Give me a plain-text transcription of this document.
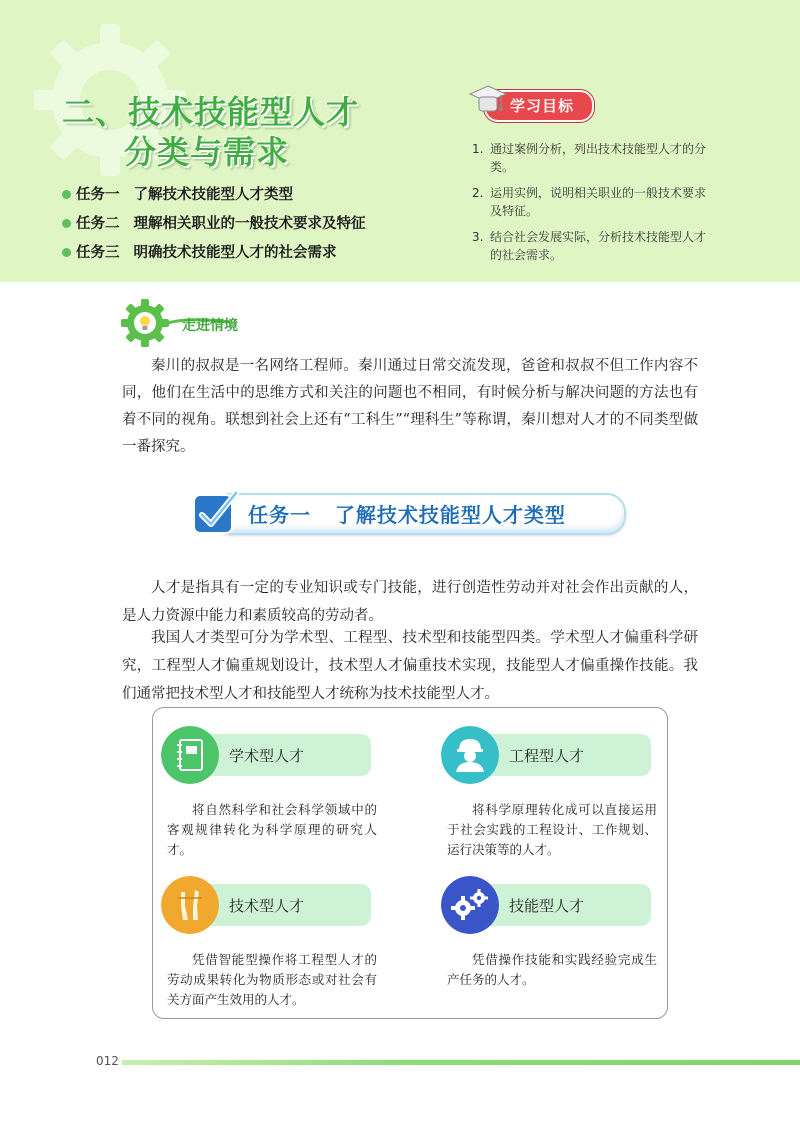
二、技术技能型人才
分类与需求
任务一 了解技术技能型人才类型
任务二 理解相关职业的一般技术要求及特征
任务三 明确技术技能型人才的社会需求
学习目标
1. 通过案例分析，列出技术技能型人才的分类。
2. 运用实例，说明相关职业的一般技术要求及特征。
3. 结合社会发展实际，分析技术技能型人才的社会需求。
走进情境

秦川的叔叔是一名网络工程师。秦川通过日常交流发现，爸爸和叔叔不但工作内容不同，他们在生活中的思维方式和关注的问题也不相同，有时候分析与解决问题的方法也有着不同的视角。联想到社会上还有“工科生”“理科生”等称谓，秦川想对人才的不同类型做一番探究。

任务一   了解技术技能型人才类型

人才是指具有一定的专业知识或专门技能，进行创造性劳动并对社会作出贡献的人，是人力资源中能力和素质较高的劳动者。

我国人才类型可分为学术型、工程型、技术型和技能型四类。学术型人才偏重科学研究，工程型人才偏重规划设计，技术型人才偏重技术实现，技能型人才偏重操作技能。我们通常把技术型人才和技能型人才统称为技术技能型人才。

学术型人才

将自然科学和社会科学领域中的客观规律转化为科学原理的研究人才。

工程型人才

将科学原理转化成可以直接运用于社会实践的工程设计、工作规划、运行决策等的人才。

技术型人才

凭借智能型操作将工程型人才的劳动成果转化为物质形态或对社会有关方面产生效用的人才。

技能型人才

凭借操作技能和实践经验完成生产任务的人才。

012
